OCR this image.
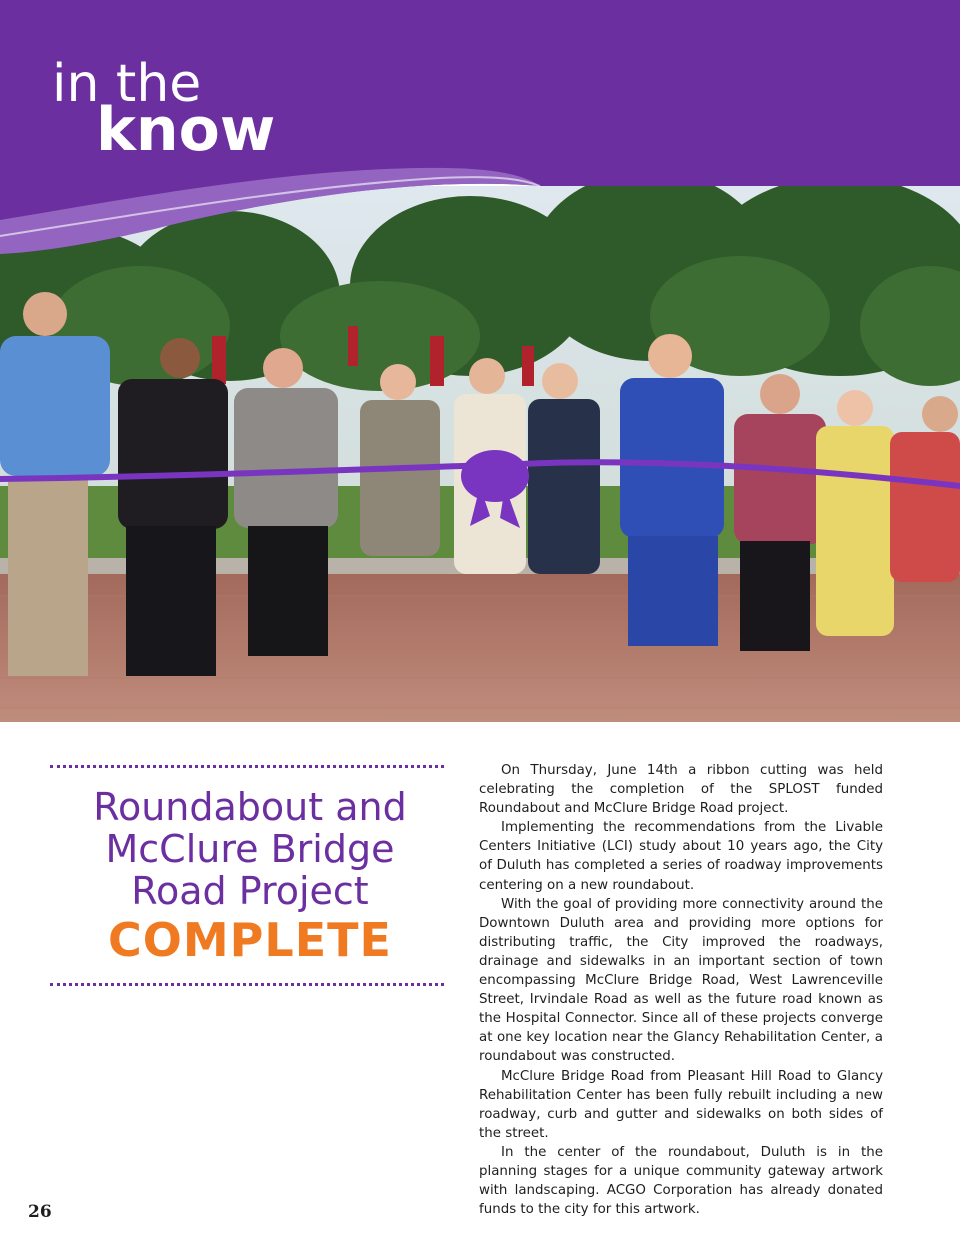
in the
know
Roundabout and
McClure Bridge
Road Project
COMPLETE

On Thursday, June 14th a ribbon cutting was held celebrating the completion of the SPLOST funded Roundabout and McClure Bridge Road project.

Implementing the recommendations from the Livable Centers Initiative (LCI) study about 10 years ago, the City of Duluth has completed a series of roadway improvements centering on a new roundabout.

With the goal of providing more connectivity around the Downtown Duluth area and providing more options for distributing traffic, the City improved the roadways, drainage and sidewalks in an important section of town encompassing McClure Bridge Road, West Lawrenceville Street, Irvindale Road as well as the future road known as the Hospital Connector. Since all of these projects converge at one key location near the Glancy Rehabilitation Center, a roundabout was constructed.

McClure Bridge Road from Pleasant Hill Road to Glancy Rehabilitation Center has been fully rebuilt including a new roadway, curb and gutter and sidewalks on both sides of the street.

In the center of the roundabout, Duluth is in the planning stages for a unique community gateway artwork with landscaping. ACGO Corporation has already donated funds to the city for this artwork.

26
